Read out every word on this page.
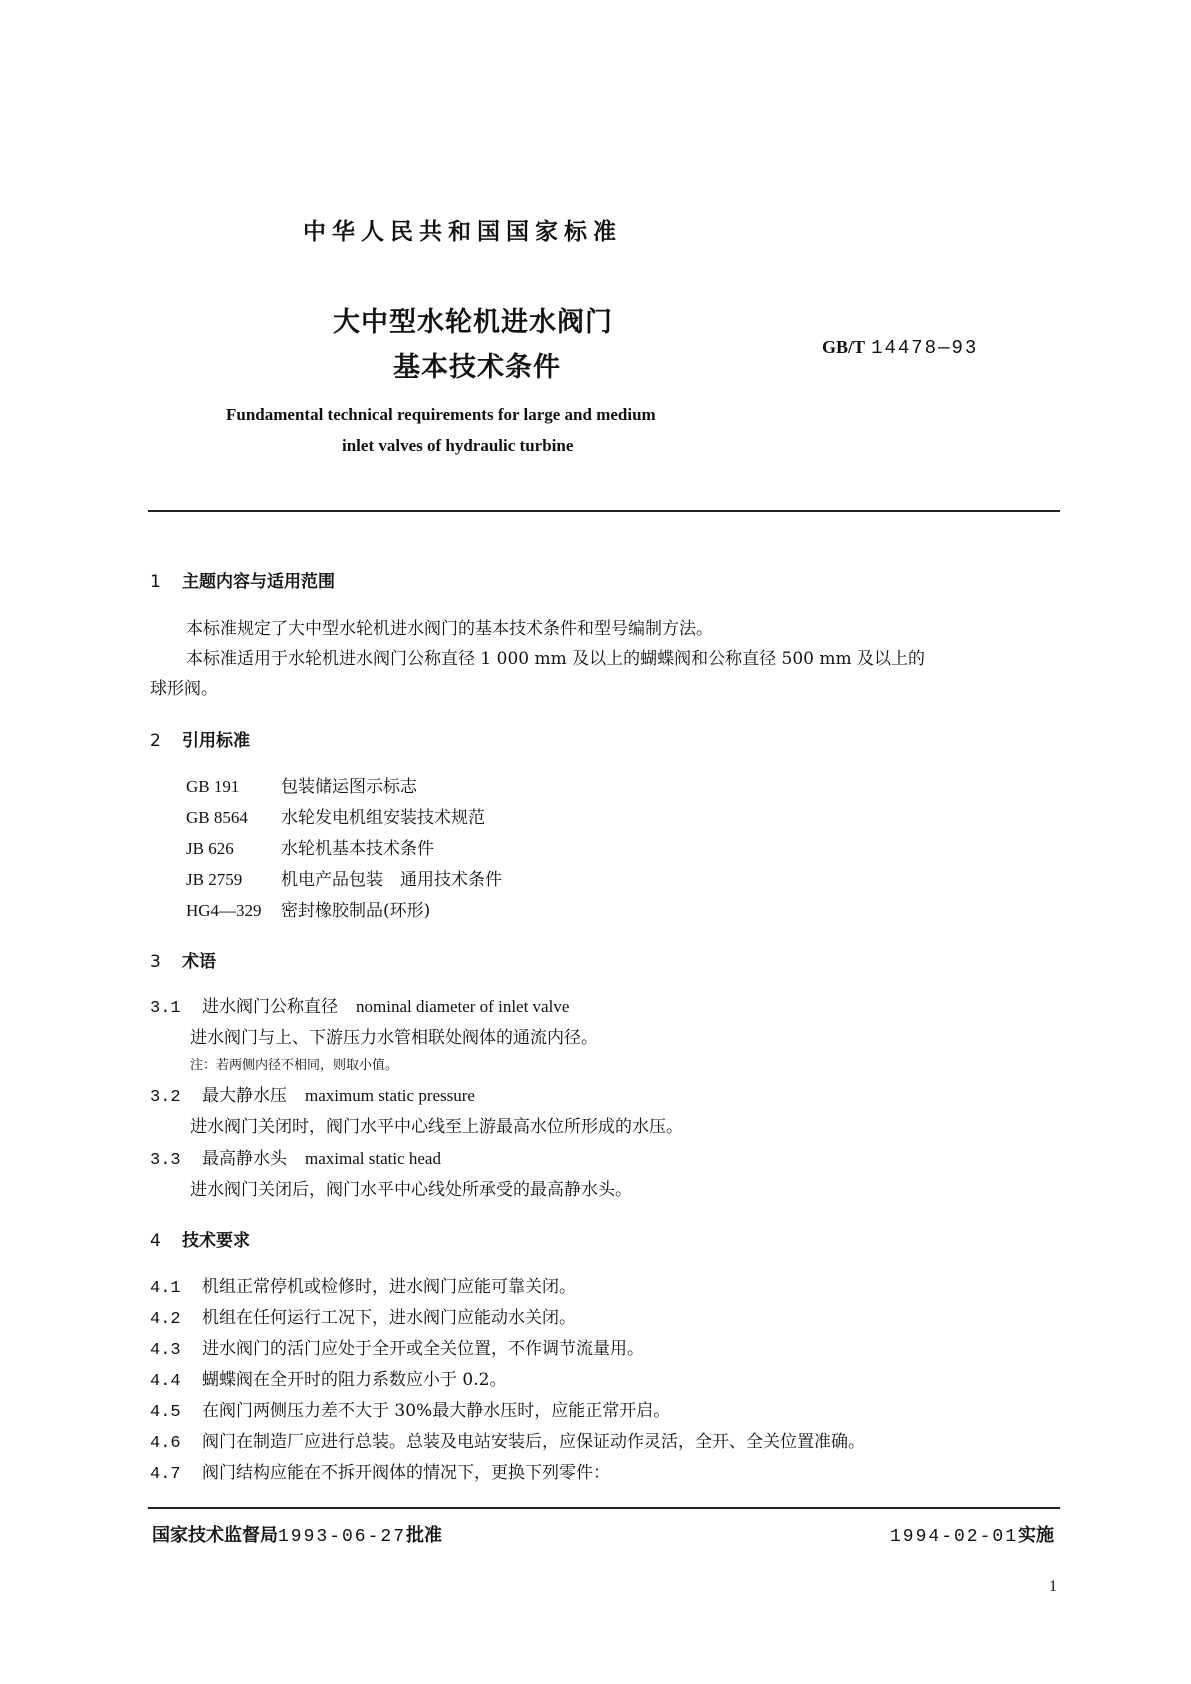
中华人民共和国国家标准
大中型水轮机进水阀门
基本技术条件
GB/T 14478—93
Fundamental technical requirements for large and medium
inlet valves of hydraulic turbine
1 主题内容与适用范围
本标准规定了大中型水轮机进水阀门的基本技术条件和型号编制方法。
本标准适用于水轮机进水阀门公称直径 1 000 mm 及以上的蝴蝶阀和公称直径 500 mm 及以上的
球形阀。
2 引用标准
GB 191 包装储运图示标志
GB 8564 水轮发电机组安装技术规范
JB 626	水轮机基本技术条件
JB 2759 机电产品包装　通用技术条件
HG4—329 密封橡胶制品(环形)
3 术语
3.1 进水阀门公称直径 nominal diameter of inlet valve
进水阀门与上、下游压力水管相联处阀体的通流内径。
注：若两侧内径不相同，则取小值。
3.2 最大静水压 maximum static pressure
进水阀门关闭时，阀门水平中心线至上游最高水位所形成的水压。
3.3 最高静水头 maximal static head
进水阀门关闭后，阀门水平中心线处所承受的最高静水头。
4 技术要求
4.1 机组正常停机或检修时，进水阀门应能可靠关闭。
4.2 机组在任何运行工况下，进水阀门应能动水关闭。
4.3 进水阀门的活门应处于全开或全关位置，不作调节流量用。
4.4 蝴蝶阀在全开时的阻力系数应小于 0.2。
4.5 在阀门两侧压力差不大于 30%最大静水压时，应能正常开启。
4.6 阀门在制造厂应进行总装。总装及电站安装后，应保证动作灵活，全开、全关位置准确。
4.7 阀门结构应能在不拆开阀体的情况下，更换下列零件：
国家技术监督局1993-06-27批准	1994-02-01实施
1
